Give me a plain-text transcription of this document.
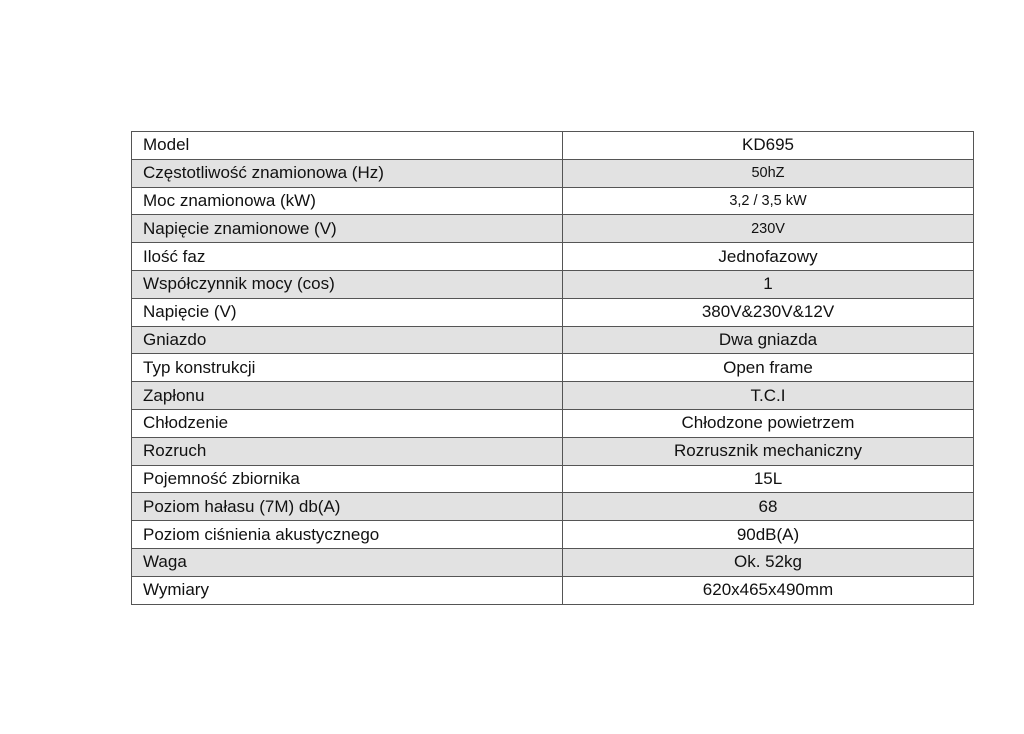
Model	KD695
Częstotliwość znamionowa (Hz)	50hZ
Moc znamionowa (kW)	3,2 / 3,5 kW
Napięcie znamionowe (V)	230V
Ilość faz	Jednofazowy
Współczynnik mocy (cos)	1
Napięcie (V)	380V&230V&12V
Gniazdo	Dwa gniazda
Typ konstrukcji	Open frame
Zapłonu	T.C.I
Chłodzenie	Chłodzone powietrzem
Rozruch	Rozrusznik mechaniczny
Pojemność zbiornika	15L
Poziom hałasu (7M) db(A)	68
Poziom ciśnienia akustycznego	90dB(A)
Waga	Ok. 52kg
Wymiary	620x465x490mm
